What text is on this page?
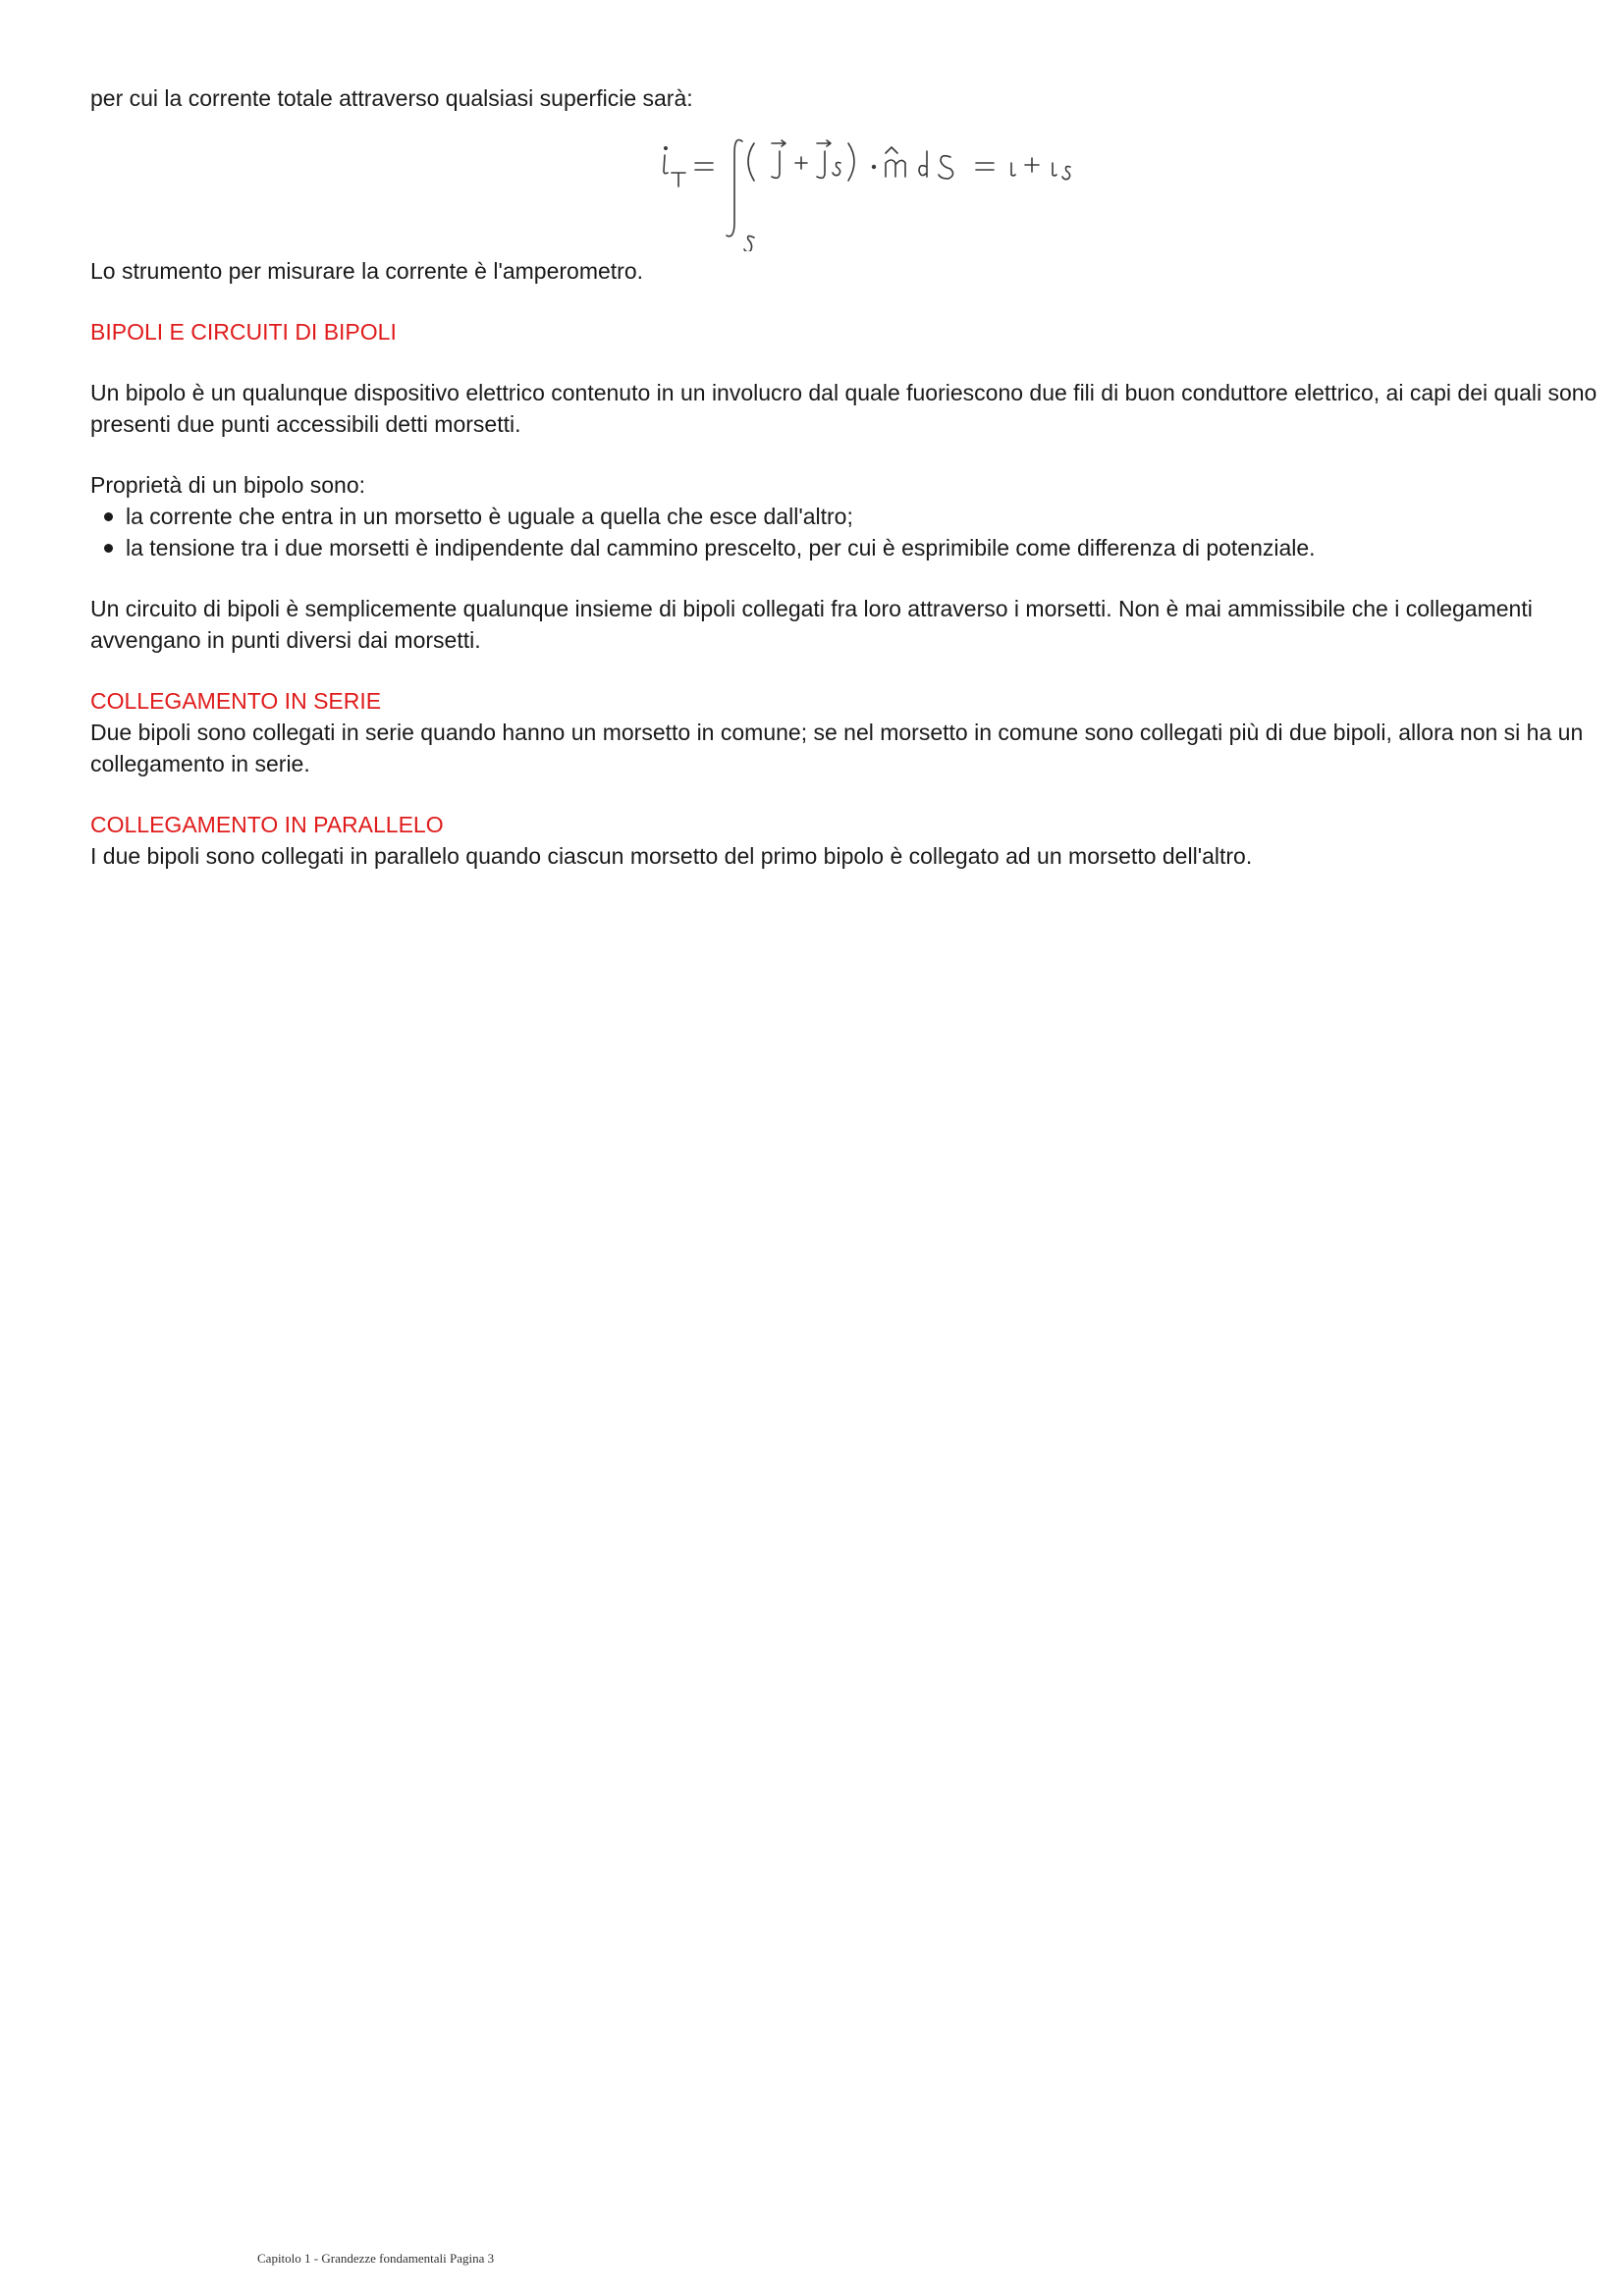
per cui la corrente totale attraverso qualsiasi superficie sarà:

Lo strumento per misurare la corrente è l'amperometro.

BIPOLI E CIRCUITI DI BIPOLI

Un bipolo è un qualunque dispositivo elettrico contenuto in un involucro dal quale fuoriescono due fili di buon conduttore elettrico, ai capi dei quali sono presenti due punti accessibili detti morsetti.

Proprietà di un bipolo sono:

la corrente che entra in un morsetto è uguale a quella che esce dall'altro;
la tensione tra i due morsetti è indipendente dal cammino prescelto, per cui è esprimibile come differenza di potenziale.

Un circuito di bipoli è semplicemente qualunque insieme di bipoli collegati fra loro attraverso i morsetti. Non è mai ammissibile che i collegamenti avvengano in punti diversi dai morsetti.

COLLEGAMENTO IN SERIE

Due bipoli sono collegati in serie quando hanno un morsetto in comune; se nel morsetto in comune sono collegati più di due bipoli, allora non si ha un collegamento in serie.

COLLEGAMENTO IN PARALLELO

I due bipoli sono collegati in parallelo quando ciascun morsetto del primo bipolo è collegato ad un morsetto dell'altro.

Capitolo 1 - Grandezze fondamentali Pagina 3
